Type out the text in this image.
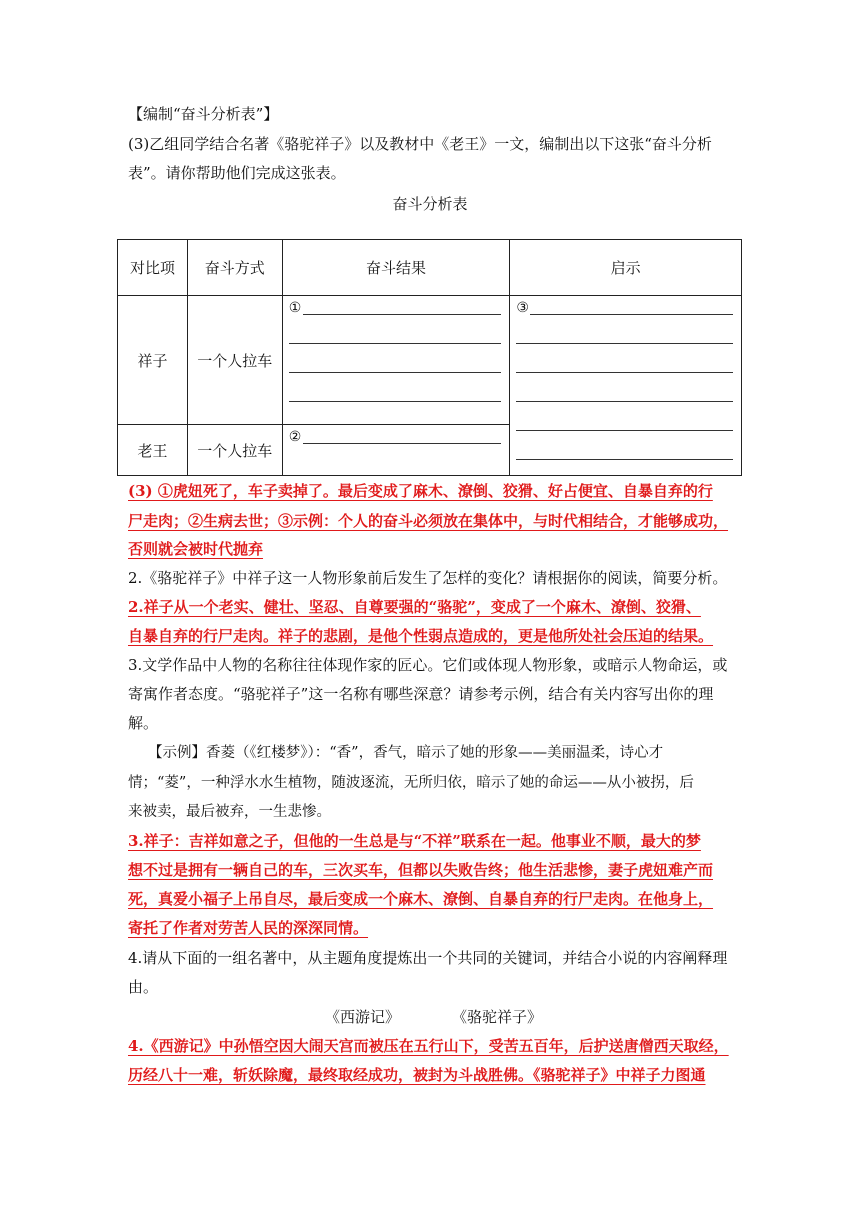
【编制“奋斗分析表”】
(3)乙组同学结合名著《骆驼祥子》以及教材中《老王》一文，编制出以下这张“奋斗分析
表”。请你帮助他们完成这张表。
奋斗分析表
对比项	奋斗方式	奋斗结果	启示
祥子	一个人拉车	①	③

老王	一个人拉车	②	
(3) ①虎妞死了，车子卖掉了。最后变成了麻木、潦倒、狡猾、好占便宜、自暴自弃的行
尸走肉；②生病去世；③示例：个人的奋斗必须放在集体中，与时代相结合，才能够成功，
否则就会被时代抛弃
2.《骆驼祥子》中祥子这一人物形象前后发生了怎样的变化？请根据你的阅读，简要分析。
2.祥子从一个老实、健壮、坚忍、自尊要强的“骆驼”，变成了一个麻木、潦倒、狡猾、
自暴自弃的行尸走肉。祥子的悲剧，是他个性弱点造成的，更是他所处社会压迫的结果。
3.文学作品中人物的名称往往体现作家的匠心。它们或体现人物形象，或暗示人物命运，或
寄寓作者态度。“骆驼祥子”这一名称有哪些深意？请参考示例，结合有关内容写出你的理
解。
【示例】香菱（《红楼梦》）：“香”，香气，暗示了她的形象——美丽温柔，诗心才
情；“菱”，一种浮水水生植物，随波逐流，无所归依，暗示了她的命运——从小被拐，后
来被卖，最后被弃，一生悲惨。
3.祥子：吉祥如意之子，但他的一生总是与“不祥”联系在一起。他事业不顺，最大的梦
想不过是拥有一辆自己的车，三次买车，但都以失败告终；他生活悲惨，妻子虎妞难产而
死，真爱小福子上吊自尽，最后变成一个麻木、潦倒、自暴自弃的行尸走肉。在他身上，
寄托了作者对劳苦人民的深深同情。
4.请从下面的一组名著中，从主题角度提炼出一个共同的关键词，并结合小说的内容阐释理
由。
《西游记》	《骆驼祥子》
4.《西游记》中孙悟空因大闹天宫而被压在五行山下，受苦五百年，后护送唐僧西天取经，
历经八十一难，斩妖除魔，最终取经成功，被封为斗战胜佛。《骆驼祥子》中祥子力图通
